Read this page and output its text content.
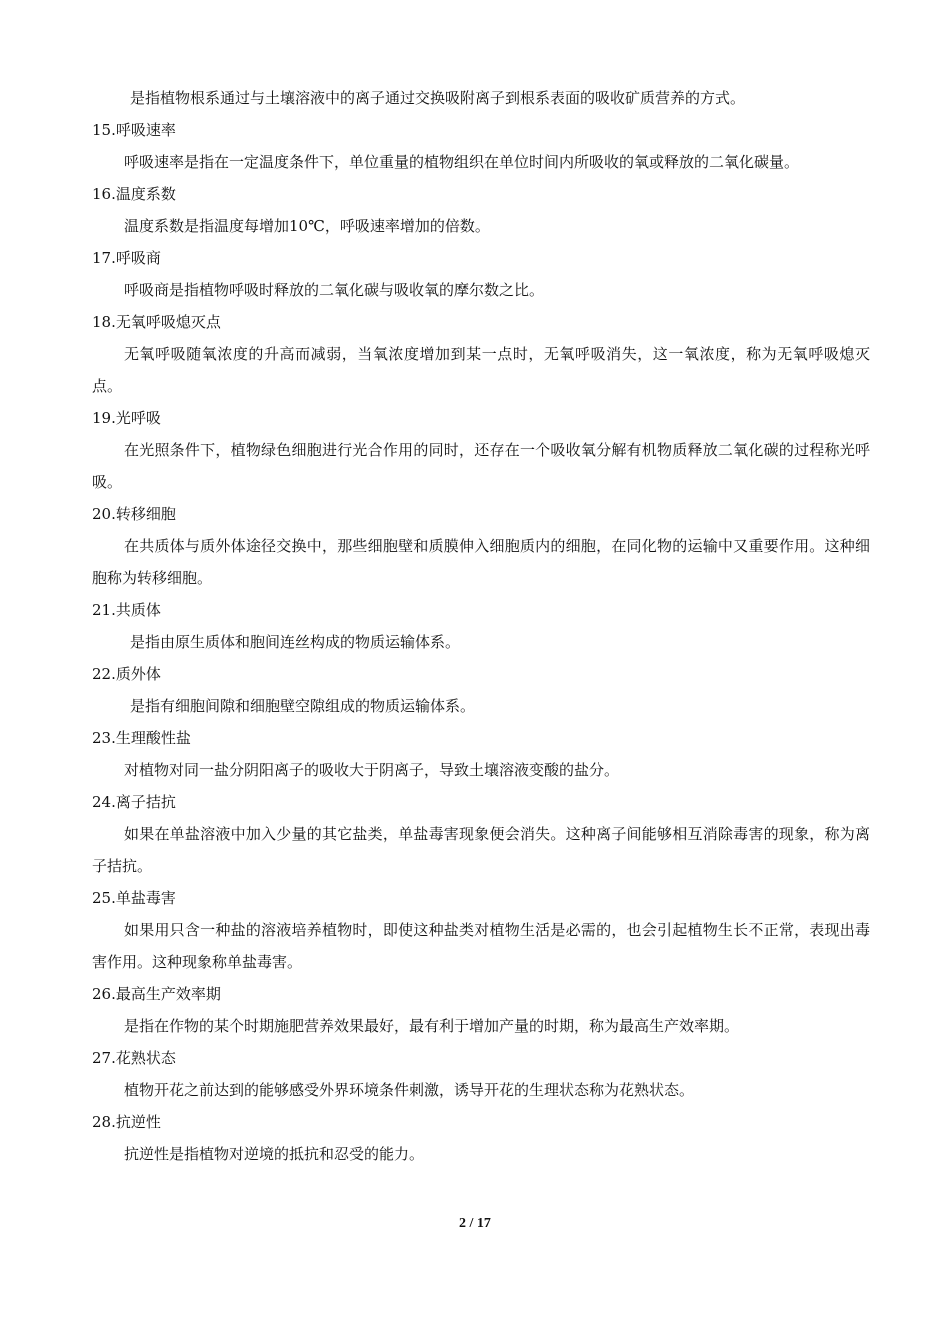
是指植物根系通过与土壤溶液中的离子通过交换吸附离子到根系表面的吸收矿质营养的方式。

15.呼吸速率

呼吸速率是指在一定温度条件下，单位重量的植物组织在单位时间内所吸收的氧或释放的二氧化碳量。

16.温度系数

温度系数是指温度每增加10℃，呼吸速率增加的倍数。

17.呼吸商

呼吸商是指植物呼吸时释放的二氧化碳与吸收氧的摩尔数之比。

18.无氧呼吸熄灭点

无氧呼吸随氧浓度的升高而减弱，当氧浓度增加到某一点时，无氧呼吸消失，这一氧浓度，称为无氧呼吸熄灭点。

19.光呼吸

在光照条件下，植物绿色细胞进行光合作用的同时，还存在一个吸收氧分解有机物质释放二氧化碳的过程称光呼吸。

20.转移细胞

在共质体与质外体途径交换中，那些细胞壁和质膜伸入细胞质内的细胞，在同化物的运输中又重要作用。这种细胞称为转移细胞。

21.共质体

是指由原生质体和胞间连丝构成的物质运输体系。

22.质外体

是指有细胞间隙和细胞壁空隙组成的物质运输体系。

23.生理酸性盐

对植物对同一盐分阴阳离子的吸收大于阴离子，导致土壤溶液变酸的盐分。

24.离子拮抗

如果在单盐溶液中加入少量的其它盐类，单盐毒害现象便会消失。这种离子间能够相互消除毒害的现象，称为离子拮抗。

25.单盐毒害

如果用只含一种盐的溶液培养植物时，即使这种盐类对植物生活是必需的，也会引起植物生长不正常，表现出毒害作用。这种现象称单盐毒害。

26.最高生产效率期

是指在作物的某个时期施肥营养效果最好，最有利于增加产量的时期，称为最高生产效率期。

27.花熟状态

植物开花之前达到的能够感受外界环境条件刺激，诱导开花的生理状态称为花熟状态。

28.抗逆性

抗逆性是指植物对逆境的抵抗和忍受的能力。

2 / 17
